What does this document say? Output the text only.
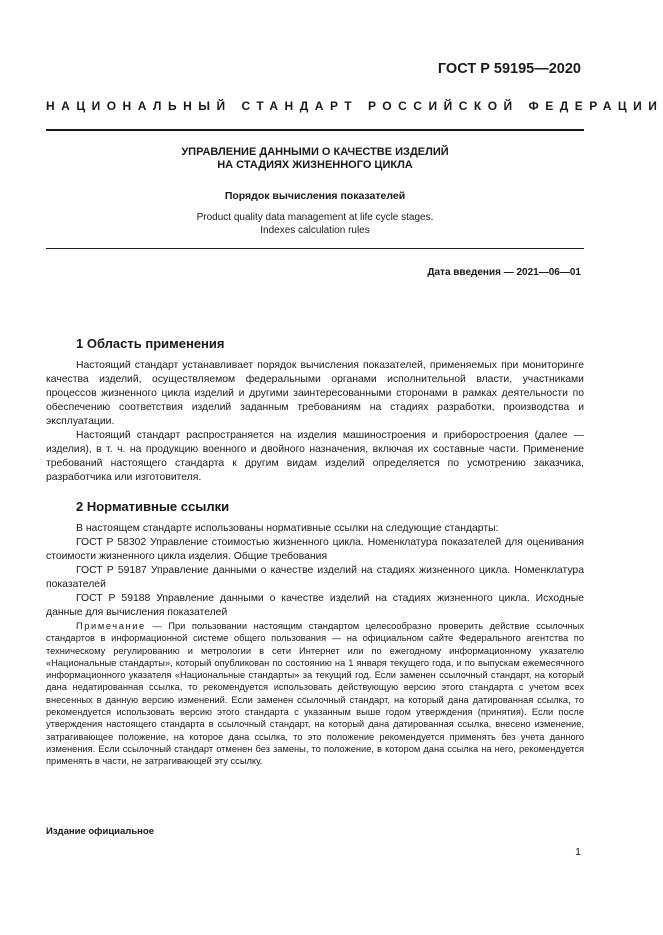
ГОСТ Р 59195—2020
НАЦИОНАЛЬНЫЙ СТАНДАРТ РОССИЙСКОЙ ФЕДЕРАЦИИ
УПРАВЛЕНИЕ ДАННЫМИ О КАЧЕСТВЕ ИЗДЕЛИЙ
НА СТАДИЯХ ЖИЗНЕННОГО ЦИКЛА
Порядок вычисления показателей
Product quality data management at life cycle stages.
Indexes calculation rules
Дата введения — 2021—06—01
1 Область применения

Настоящий стандарт устанавливает порядок вычисления показателей, применяемых при мониторинге качества изделий, осуществляемом федеральными органами исполнительной власти, участниками процессов жизненного цикла изделий и другими заинтересованными сторонами в рамках деятельности по обеспечению соответствия изделий заданным требованиям на стадиях разработки, производства и эксплуатации.

Настоящий стандарт распространяется на изделия машиностроения и приборостроения (далее — изделия), в т. ч. на продукцию военного и двойного назначения, включая их составные части. Применение требований настоящего стандарта к другим видам изделий определяется по усмотрению заказчика, разработчика или изготовителя.

2 Нормативные ссылки

В настоящем стандарте использованы нормативные ссылки на следующие стандарты:

ГОСТ Р 58302 Управление стоимостью жизненного цикла. Номенклатура показателей для оценивания стоимости жизненного цикла изделия. Общие требования

ГОСТ Р 59187 Управление данными о качестве изделий на стадиях жизненного цикла. Номенклатура показателей

ГОСТ Р 59188 Управление данными о качестве изделий на стадиях жизненного цикла. Исходные данные для вычисления показателей

Примечание — При пользовании настоящим стандартом целесообразно проверить действие ссылочных стандартов в информационной системе общего пользования — на официальном сайте Федерального агентства по техническому регулированию и метрологии в сети Интернет или по ежегодному информационному указателю «Национальные стандарты», который опубликован по состоянию на 1 января текущего года, и по выпускам ежемесячного информационного указателя «Национальные стандарты» за текущий год. Если заменен ссылочный стандарт, на который дана недатированная ссылка, то рекомендуется использовать действующую версию этого стандарта с учетом всех внесенных в данную версию изменений. Если заменен ссылочный стандарт, на который дана датированная ссылка, то рекомендуется использовать версию этого стандарта с указанным выше годом утверждения (принятия). Если после утверждения настоящего стандарта в ссылочный стандарт, на который дана датированная ссылка, внесено изменение, затрагивающее положение, на которое дана ссылка, то это положение рекомендуется применять без учета данного изменения. Если ссылочный стандарт отменен без замены, то положение, в котором дана ссылка на него, рекомендуется применять в части, не затрагивающей эту ссылку.

Издание официальное
1
